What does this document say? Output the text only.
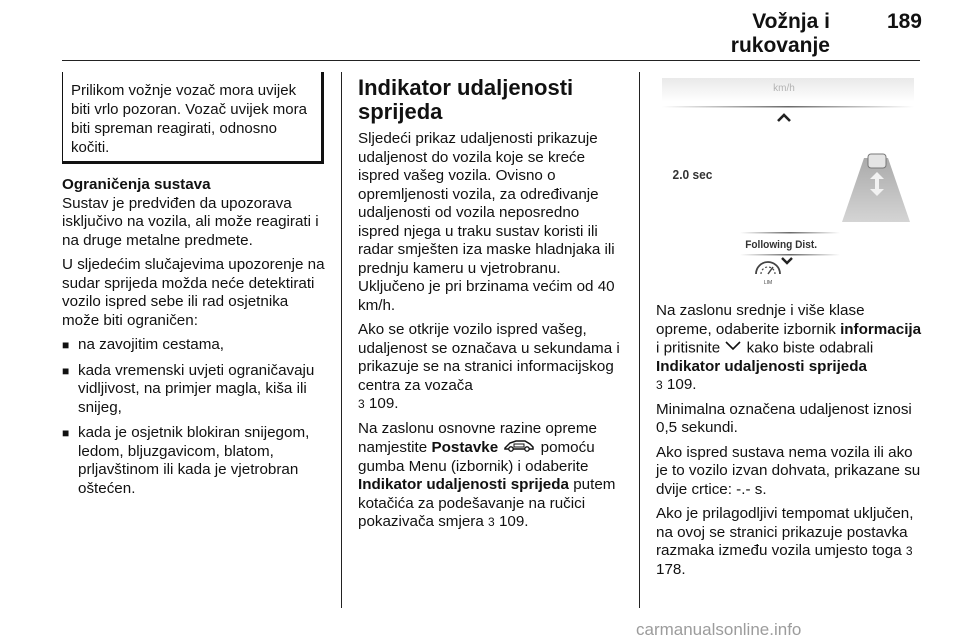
Vožnja i rukovanje
189
Prilikom vožnje vozač mora uvijek biti vrlo pozoran. Vozač uvijek mora biti spreman reagirati, odnosno kočiti.

Ograničenja sustava
Sustav je predviđen da upozorava isključivo na vozila, ali može reagirati i na druge metalne predmete.

U sljedećim slučajevima upozorenje na sudar sprijeda možda neće detektirati vozilo ispred sebe ili rad osjetnika može biti ograničen:

■ na zavojitim cestama,
■ kada vremenski uvjeti ograničavaju vidljivost, na primjer magla, kiša ili snijeg,
■ kada je osjetnik blokiran snijegom, ledom, bljuzgavicom, blatom, prljavštinom ili kada je vjetrobran oštećen.
Indikator udaljenosti sprijeda

Sljedeći prikaz udaljenosti prikazuje udaljenost do vozila koje se kreće ispred vašeg vozila. Ovisno o opremljenosti vozila, za određivanje udaljenosti od vozila neposredno ispred njega u traku sustav koristi ili radar smješten iza maske hladnjaka ili prednju kameru u vjetrobranu. Uključeno je pri brzinama većim od 40 km/h.

Ako se otkrije vozilo ispred vašeg, udaljenost se označava u sekundama i prikazuje se na stranici informacijskog centra za vozača
3 109.

Na zaslonu osnovne razine opreme namjestite Postavke	pomoću gumba Menu (izbornik) i odaberite Indikator udaljenosti sprijeda putem kotačića za podešavanje na ručici pokazivača smjera 3 109.

km/h
2.0 sec
Following Dist.
LIM

Na zaslonu srednje i više klase opreme, odaberite izbornik informacija i pritisnite kako biste odabrali Indikator udaljenosti sprijeda
3 109.

Minimalna označena udaljenost iznosi 0,5 sekundi.

Ako ispred sustava nema vozila ili ako je to vozilo izvan dohvata, prikazane su dvije crtice: -.- s.

Ako je prilagodljivi tempomat uključen, na ovoj se stranici prikazuje postavka razmaka između vozila umjesto toga 3 178.

carmanualsonline.info
